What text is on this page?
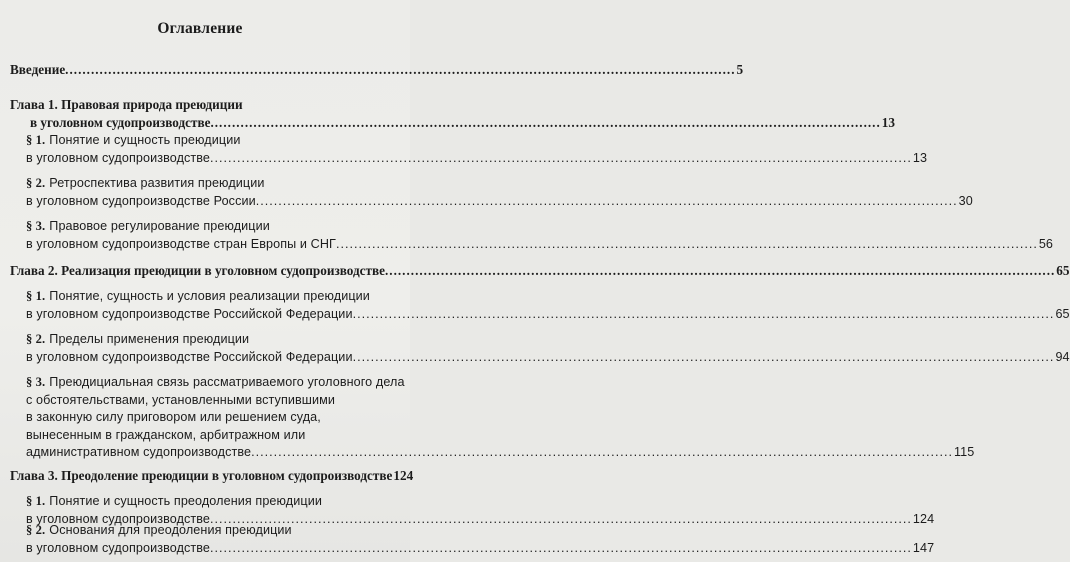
Оглавление
Введение .....	5
Глава 1. Правовая природа преюдиции
в уголовном судопроизводстве .....	13
§ 1. Понятие и сущность преюдиции
в уголовном судопроизводстве .....	13
§ 2. Ретроспектива развития преюдиции
в уголовном судопроизводстве России .....	30
§ 3. Правовое регулирование преюдиции
в уголовном судопроизводстве стран Европы и СНГ .....	56
Глава 2. Реализация преюдиции в уголовном судопроизводстве .....	65
§ 1. Понятие, сущность и условия реализации преюдиции
в уголовном судопроизводстве Российской Федерации .....	65
§ 2. Пределы применения преюдиции
в уголовном судопроизводстве Российской Федерации .....	94
§ 3. Преюдициальная связь рассматриваемого уголовного дела
с обстоятельствами, установленными вступившими
в законную силу приговором или решением суда,
вынесенным в гражданском, арбитражном или
административном судопроизводстве .....	115
Глава 3. Преодоление преюдиции в уголовном судопроизводстве 124
§ 1. Понятие и сущность преодоления преюдиции
в уголовном судопроизводстве .....	124
§ 2. Основания для преодоления преюдиции
в уголовном судопроизводстве .....	147
